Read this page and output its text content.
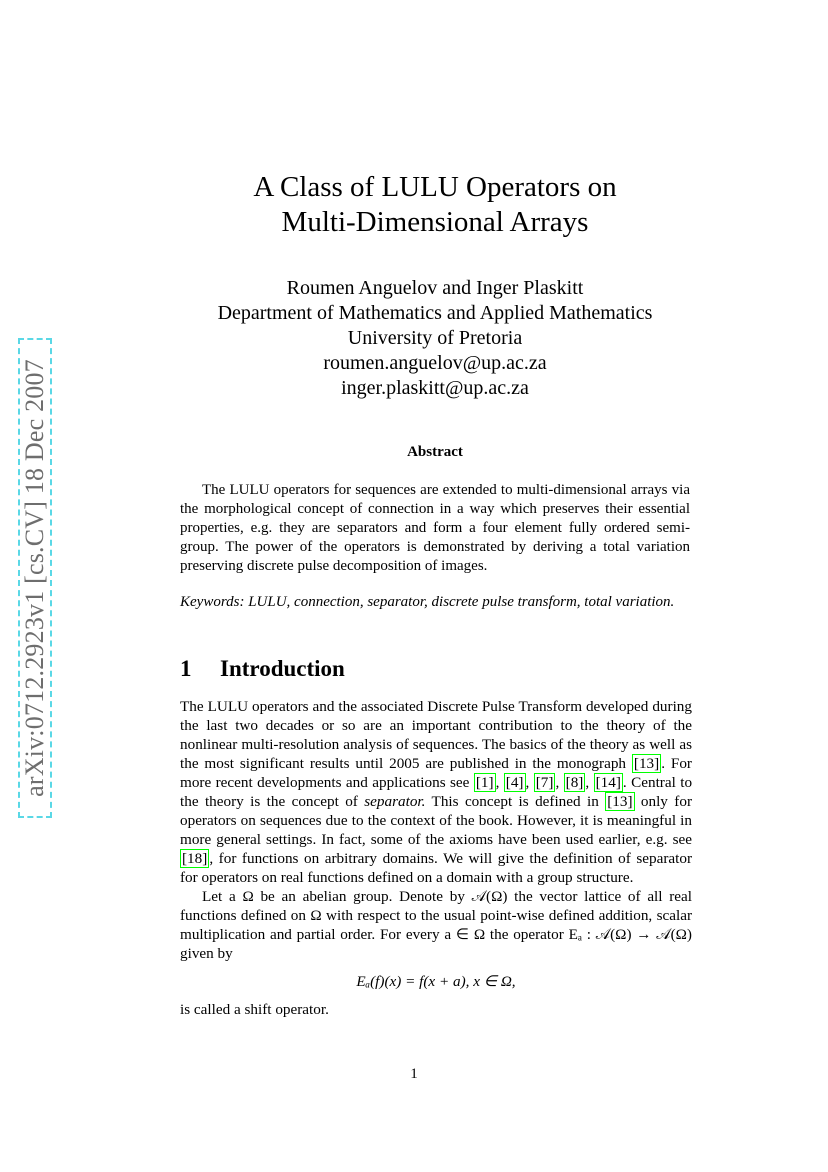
arXiv:0712.2923v1 [cs.CV] 18 Dec 2007
A Class of LULU Operators on
Multi-Dimensional Arrays
Roumen Anguelov and Inger Plaskitt
Department of Mathematics and Applied Mathematics
University of Pretoria
roumen.anguelov@up.ac.za
inger.plaskitt@up.ac.za
Abstract
The LULU operators for sequences are extended to multi-dimensional arrays via the morphological concept of connection in a way which preserves their essential properties, e.g. they are separators and form a four element fully ordered semi-group. The power of the operators is demonstrated by deriving a total variation preserving discrete pulse decomposition of images.
Keywords: LULU, connection, separator, discrete pulse transform, total variation.
1 Introduction

The LULU operators and the associated Discrete Pulse Transform developed during the last two decades or so are an important contribution to the theory of the nonlinear multi-resolution analysis of sequences. The basics of the theory as well as the most significant results until 2005 are published in the monograph [13] . For more recent developments and applications see [1] , [4] , [7] , [8] , [14] . Central to the theory is the concept of separator. This concept is defined in [13] only for operators on sequences due to the context of the book. However, it is meaningful in more general settings. In fact, some of the axioms have been used earlier, e.g. see [18] , for functions on arbitrary domains. We will give the definition of separator for operators on real functions defined on a domain with a group structure.

Let a Ω be an abelian group. Denote by 𝒜(Ω) the vector lattice of all real functions defined on Ω with respect to the usual point-wise defined addition, scalar multiplication and partial order. For every a ∈ Ω the operator Eₐ : 𝒜(Ω) → 𝒜(Ω) given by

Eₐ(f)(x) = f(x + a), x ∈ Ω,

is called a shift operator.

1
